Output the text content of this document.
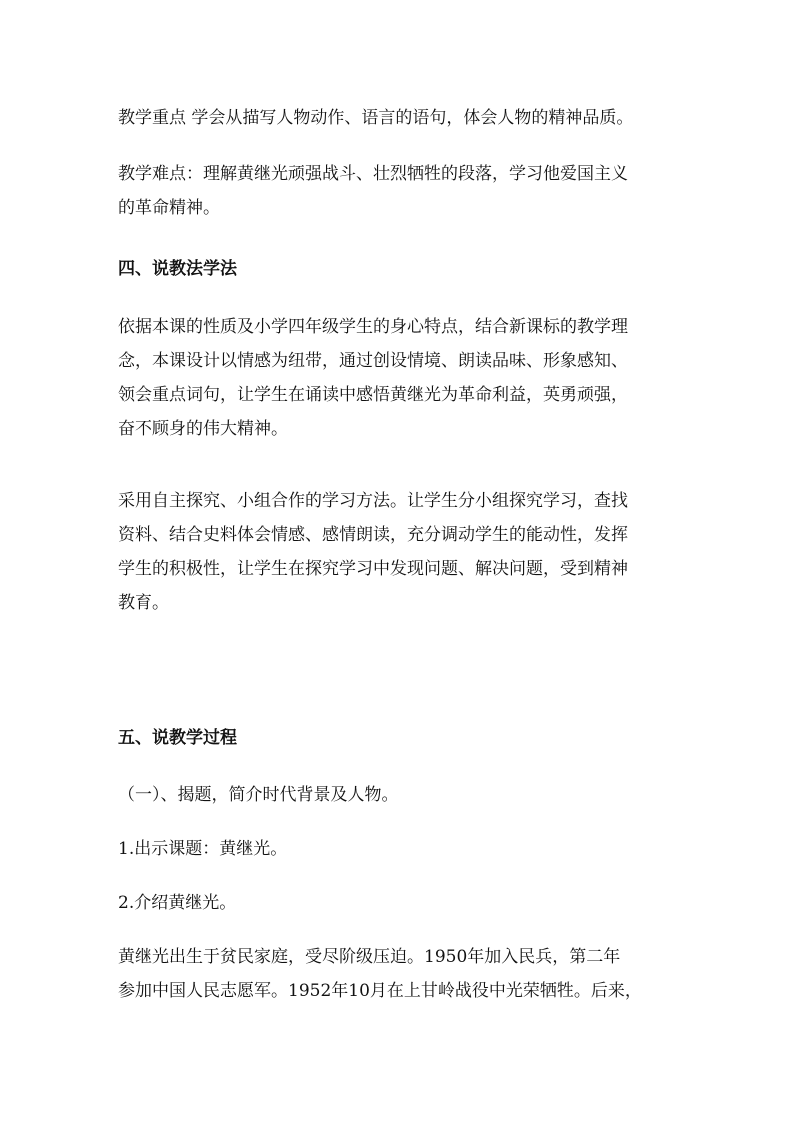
教学重点 学会从描写人物动作、语言的语句，体会人物的精神品质。

教学难点：理解黄继光顽强战斗、壮烈牺牲的段落，学习他爱国主义
的革命精神。

四、说教法学法

依据本课的性质及小学四年级学生的身心特点，结合新课标的教学理
念，本课设计以情感为纽带，通过创设情境、朗读品味、形象感知、
领会重点词句，让学生在诵读中感悟黄继光为革命利益，英勇顽强，
奋不顾身的伟大精神。

采用自主探究、小组合作的学习方法。让学生分小组探究学习，查找
资料、结合史料体会情感、感情朗读，充分调动学生的能动性，发挥
学生的积极性，让学生在探究学习中发现问题、解决问题，受到精神
教育。

五、说教学过程

（一）、揭题，简介时代背景及人物。

1.出示课题：黄继光。

2.介绍黄继光。

黄继光出生于贫民家庭，受尽阶级压迫。1950年加入民兵，第二年
参加中国人民志愿军。1952年10月在上甘岭战役中光荣牺牲。后来，
